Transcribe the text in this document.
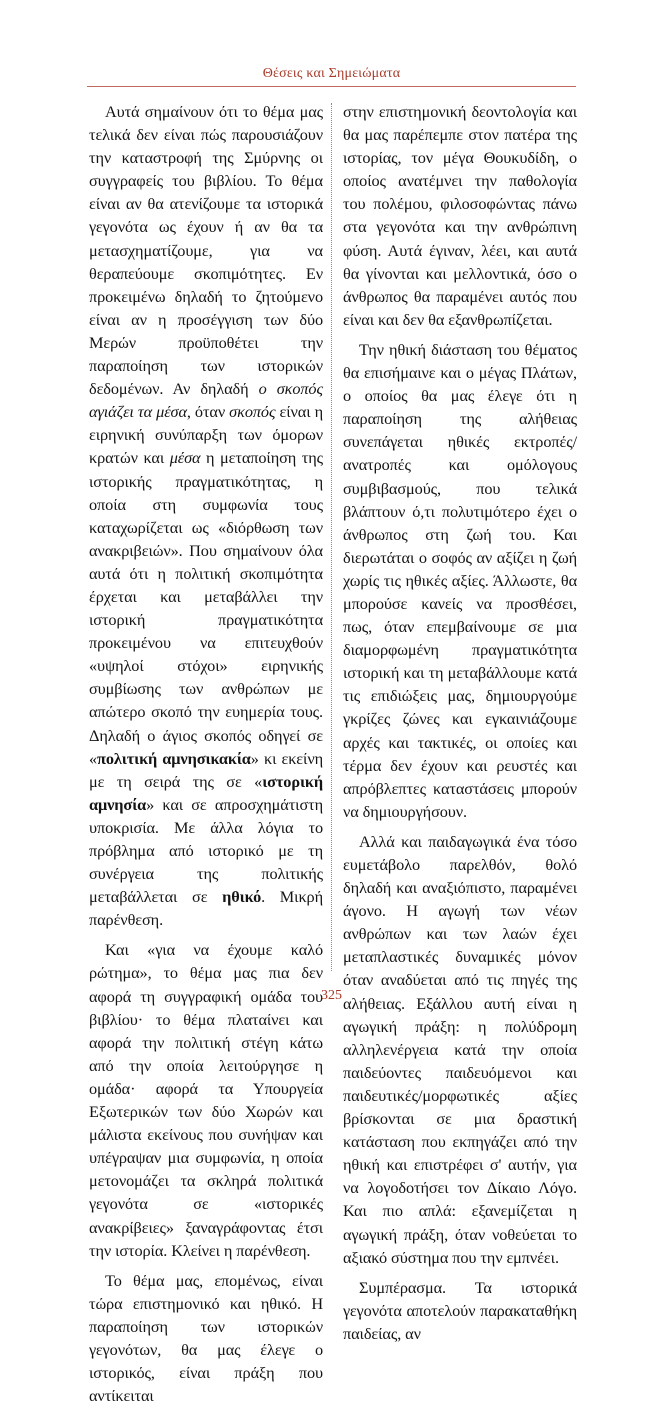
Θέσεις και Σημειώματα

Αυτά σημαίνουν ότι το θέμα μας τελικά δεν είναι πώς παρουσιάζουν την καταστροφή της Σμύρνης οι συγγραφείς του βιβλίου. Το θέμα είναι αν θα ατενίζουμε τα ιστορικά γεγονότα ως έχουν ή αν θα τα μετασχηματίζουμε, για να θεραπεύουμε σκοπιμότητες. Εν προκειμένω δηλαδή το ζητούμενο είναι αν η προσέγγιση των δύο Μερών προϋποθέτει την παραποίηση των ιστορικών δεδομένων. Αν δηλαδή ο σκοπός αγιάζει τα μέσα, όταν σκοπός είναι η ειρηνική συνύπαρξη των όμορων κρατών και μέσα η μεταποίηση της ιστορικής πραγματικότητας, η οποία στη συμφωνία τους καταχωρίζεται ως «διόρθωση των ανακριβειών». Που σημαίνουν όλα αυτά ότι η πολιτική σκοπιμότητα έρχεται και μεταβάλλει την ιστορική πραγματικότητα προκειμένου να επιτευχθούν «υψηλοί στόχοι» ειρηνικής συμβίωσης των ανθρώπων με απώτερο σκοπό την ευημερία τους. Δηλαδή ο άγιος σκοπός οδηγεί σε «πολιτική αμνησικακία» κι εκείνη με τη σειρά της σε «ιστορική αμνησία» και σε απροσχημάτιστη υποκρισία. Με άλλα λόγια το πρόβλημα από ιστορικό με τη συνέργεια της πολιτικής μεταβάλλεται σε ηθικό. Μικρή παρένθεση.

Και «για να έχουμε καλό ρώτημα», το θέμα μας πια δεν αφορά τη συγγραφική ομάδα του βιβλίου· το θέμα πλαταίνει και αφορά την πολιτική στέγη κάτω από την οποία λειτούργησε η ομάδα· αφορά τα Υπουργεία Εξωτερικών των δύο Χωρών και μάλιστα εκείνους που συνήψαν και υπέγραψαν μια συμφωνία, η οποία μετονομάζει τα σκληρά πολιτικά γεγονότα σε «ιστορικές ανακρίβειες» ξαναγράφοντας έτσι την ιστορία. Κλείνει η παρένθεση.

Το θέμα μας, επομένως, είναι τώρα επιστημονικό και ηθικό. Η παραποίηση των ιστορικών γεγονότων, θα μας έλεγε ο ιστορικός, είναι πράξη που αντίκειται

στην επιστημονική δεοντολογία και θα μας παρέπεμπε στον πατέρα της ιστορίας, τον μέγα Θουκυδίδη, ο οποίος ανατέμνει την παθολογία του πολέμου, φιλοσοφώντας πάνω στα γεγονότα και την ανθρώπινη φύση. Αυτά έγιναν, λέει, και αυτά θα γίνονται και μελλοντικά, όσο ο άνθρωπος θα παραμένει αυτός που είναι και δεν θα εξανθρωπίζεται.

Την ηθική διάσταση του θέματος θα επισήμαινε και ο μέγας Πλάτων, ο οποίος θα μας έλεγε ότι η παραποίηση της αλήθειας συνεπάγεται ηθικές εκτροπές/ανατροπές και ομόλογους συμβιβασμούς, που τελικά βλάπτουν ό,τι πολυτιμότερο έχει ο άνθρωπος στη ζωή του. Και διερωτάται ο σοφός αν αξίζει η ζωή χωρίς τις ηθικές αξίες. Άλλωστε, θα μπορούσε κανείς να προσθέσει, πως, όταν επεμβαίνουμε σε μια διαμορφωμένη πραγματικότητα ιστορική και τη μεταβάλλουμε κατά τις επιδιώξεις μας, δημιουργούμε γκρίζες ζώνες και εγκαινιάζουμε αρχές και τακτικές, οι οποίες και τέρμα δεν έχουν και ρευστές και απρόβλεπτες καταστάσεις μπορούν να δημιουργήσουν.

Αλλά και παιδαγωγικά ένα τόσο ευμετάβολο παρελθόν, θολό δηλαδή και αναξιόπιστο, παραμένει άγονο. Η αγωγή των νέων ανθρώπων και των λαών έχει μεταπλαστικές δυναμικές μόνον όταν αναδύεται από τις πηγές της αλήθειας. Εξάλλου αυτή είναι η αγωγική πράξη: η πολύδρομη αλληλενέργεια κατά την οποία παιδεύοντες παιδευόμενοι και παιδευτικές/μορφωτικές αξίες βρίσκονται σε μια δραστική κατάσταση που εκπηγάζει από την ηθική και επιστρέφει σ' αυτήν, για να λογοδοτήσει τον Δίκαιο Λόγο. Και πιο απλά: εξανεμίζεται η αγωγική πράξη, όταν νοθεύεται το αξιακό σύστημα που την εμπνέει.

Συμπέρασμα. Τα ιστορικά γεγονότα αποτελούν παρακαταθήκη παιδείας, αν

325
